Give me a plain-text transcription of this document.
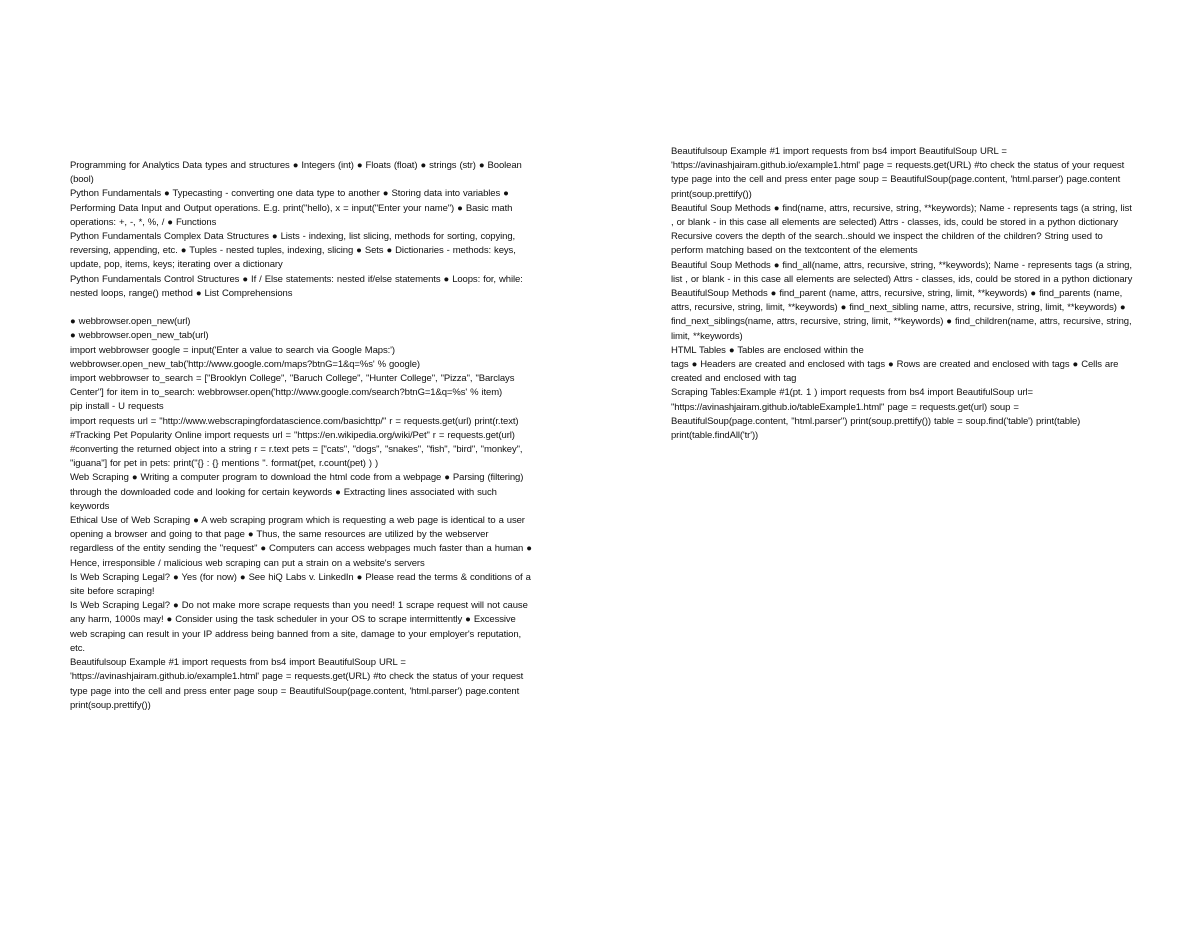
Programming for Analytics Data types and structures ● Integers (int) ● Floats (float) ● strings (str) ● Boolean (bool)

Python Fundamentals ● Typecasting - converting one data type to another ● Storing data into variables ● Performing Data Input and Output operations. E.g. print("hello), x = input("Enter your name") ● Basic math operations: +, -, *, %, / ● Functions

Python Fundamentals Complex Data Structures ● Lists - indexing, list slicing, methods for sorting, copying, reversing, appending, etc. ● Tuples - nested tuples, indexing, slicing ● Sets ● Dictionaries - methods: keys, update, pop, items, keys; iterating over a dictionary

Python Fundamentals Control Structures ● If / Else statements: nested if/else statements ● Loops: for, while: nested loops, range() method ● List Comprehensions

● webbrowser.open_new(url)

● webbrowser.open_new_tab(url)

import webbrowser google = input('Enter a value to search via Google Maps:') webbrowser.open_new_tab('http://www.google.com/maps?btnG=1&q=%s' % google)

import webbrowser to_search = ["Brooklyn College", "Baruch College", "Hunter College", "Pizza", "Barclays Center"] for item in to_search: webbrowser.open('http://www.google.com/search?btnG=1&q=%s' % item)

pip install - U requests

import requests url = "http://www.webscrapingfordatascience.com/basichttp/" r = requests.get(url) print(r.text)

#Tracking Pet Popularity Online import requests url = "https://en.wikipedia.org/wiki/Pet" r = requests.get(url) #converting the returned object into a string r = r.text pets = ["cats", "dogs", "snakes", "fish", "bird", "monkey", "iguana"] for pet in pets: print("{} : {} mentions ". format(pet, r.count(pet) ) )

Web Scraping ● Writing a computer program to download the html code from a webpage ● Parsing (filtering) through the downloaded code and looking for certain keywords ● Extracting lines associated with such keywords

Ethical Use of Web Scraping ● A web scraping program which is requesting a web page is identical to a user opening a browser and going to that page ● Thus, the same resources are utilized by the webserver regardless of the entity sending the "request" ● Computers can access webpages much faster than a human ● Hence, irresponsible / malicious web scraping can put a strain on a website's servers

Is Web Scraping Legal? ● Yes (for now) ● See hiQ Labs v. LinkedIn ● Please read the terms & conditions of a site before scraping!

Is Web Scraping Legal? ● Do not make more scrape requests than you need! 1 scrape request will not cause any harm, 1000s may! ● Consider using the task scheduler in your OS to scrape intermittently ● Excessive web scraping can result in your IP address being banned from a site, damage to your employer's reputation, etc.

Beautifulsoup Example #1 import requests from bs4 import BeautifulSoup URL = 'https://avinashjairam.github.io/example1.html' page = requests.get(URL) #to check the status of your request type page into the cell and press enter page soup = BeautifulSoup(page.content, 'html.parser') page.content print(soup.prettify())

Beautifulsoup Example #1 import requests from bs4 import BeautifulSoup URL = 'https://avinashjairam.github.io/example1.html' page = requests.get(URL) #to check the status of your request type page into the cell and press enter page soup = BeautifulSoup(page.content, 'html.parser') page.content print(soup.prettify())

Beautiful Soup Methods ● find(name, attrs, recursive, string, **keywords); Name - represents tags (a string, list , or blank - in this case all elements are selected) Attrs - classes, ids, could be stored in a python dictionary Recursive covers the depth of the search..should we inspect the children of the children? String used to perform matching based on the textcontent of the elements

Beautiful Soup Methods ● find_all(name, attrs, recursive, string, **keywords); Name - represents tags (a string, list , or blank - in this case all elements are selected) Attrs - classes, ids, could be stored in a python dictionary

BeautifulSoup Methods ● find_parent (name, attrs, recursive, string, limit, **keywords) ● find_parents (name, attrs, recursive, string, limit, **keywords) ● find_next_sibling name, attrs, recursive, string, limit, **keywords) ● find_next_siblings(name, attrs, recursive, string, limit, **keywords) ● find_children(name, attrs, recursive, string, limit, **keywords)

HTML Tables ● Tables are enclosed within the

tags ● Headers are created and enclosed with tags ● Rows are created and enclosed with tags ● Cells are created and enclosed with tag

Scraping Tables:Example #1(pt. 1 ) import requests from bs4 import BeautifulSoup url= "https://avinashjairam.github.io/tableExample1.html" page = requests.get(url) soup = BeautifulSoup(page.content, "html.parser") print(soup.prettify()) table = soup.find('table') print(table) print(table.findAll('tr'))
